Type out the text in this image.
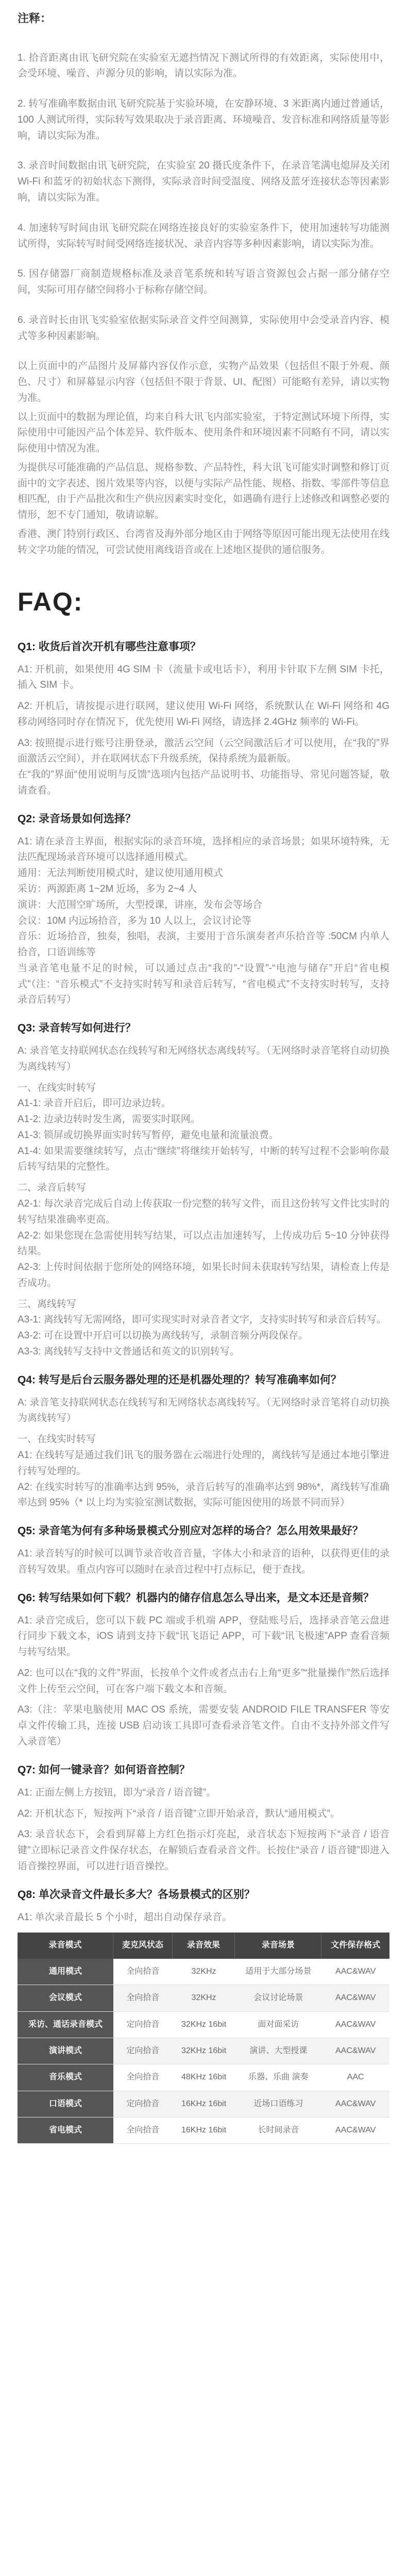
注释：

1. 拾音距离由讯飞研究院在实验室无遮挡情况下测试所得的有效距离，实际使用中，会受环境、噪音、声源分贝的影响，请以实际为准。

2. 转写准确率数据由讯飞研究院基于实验环境，在安静环境、3 米距离内通过普通话，100 人测试所得，实际转写效果取决于录音距离、环境噪音、发音标准和网络质量等影响，请以实际为准。

3. 录音时间数据由讯飞研究院，在实验室 20 摄氏度条件下，在录音笔满电熄屏及关闭 Wi-Fi 和蓝牙的初始状态下测得，实际录音时间受温度、网络及蓝牙连接状态等因素影响，请以实际为准。

4. 加速转写时间由讯飞研究院在网络连接良好的实验室条件下，使用加速转写功能测试所得，实际转写时间受网络连接状况、录音内容等多种因素影响，请以实际为准。

5. 因存储器厂商制造规格标准及录音笔系统和转写语言资源包会占据一部分储存空间，实际可用存储空间将小于标称存储空间。

6. 录音时长由讯飞实验室依据实际录音文件空间测算，实际使用中会受录音内容、模式等多种因素影响。

以上页面中的产品图片及屏幕内容仅作示意，实物产品效果（包括但不限于外观、颜色、尺寸）和屏幕显示内容（包括但不限于背景、UI、配图）可能略有差异，请以实物为准。

以上页面中的数据为理论值，均来自科大讯飞内部实验室，于特定测试环境下所得，实际使用中可能因产品个体差异、软件版本、使用条件和环境因素不同略有不同，请以实际使用中情况为准。

为提供尽可能准确的产品信息、规格参数、产品特性，科大讯飞可能实时调整和修订页面中的文字表述、图片效果等内容，以便与实际产品性能、规格、指数、零部件等信息相匹配，由于产品批次和生产供应因素实时变化，如遇确有进行上述修改和调整必要的情形，恕不专门通知，敬请谅解。

香港、澳门特别行政区、台湾省及海外部分地区由于网络等原因可能出现无法使用在线转文字功能的情况，可尝试使用离线语音或在上述地区提供的通信服务。

FAQ:
Q1: 收货后首次开机有哪些注意事项？

A1: 开机前，如果使用 4G SIM 卡（流量卡或电话卡），利用卡针取下左侧 SIM 卡托，插入 SIM 卡。

A2: 开机后，请按提示进行联网，建议使用 Wi-Fi 网络，系统默认在 Wi-Fi 网络和 4G 移动网络同时存在情况下，优先使用 Wi-Fi 网络，请选择 2.4GHz 频率的 Wi-Fi。

A3: 按照提示进行账号注册登录，激活云空间（云空间激活后才可以使用，在“我的”界面激活云空间），并在联网状态下升级系统，保持系统为最新版。

在“我的”界面“使用说明与反馈”选项内包括产品说明书、功能指导、常见问题答疑，敬请查看。

Q2: 录音场景如何选择？

A1: 请在录音主界面，根据实际的录音环境，选择相应的录音场景；如果环境特殊，无法匹配现场录音环境可以选择通用模式。
通用：无法判断使用模式时，建议使用通用模式
采访：两源距离 1~2M 近场，多为 2~4 人
演讲：大范围空旷场所，大型授课，讲座，发布会等场合
会议：10M 内远场拾音，多为 10 人以上，会议讨论等
音乐：近场拾音，独奏，独唱，表演，主要用于音乐演奏者声乐拾音等 :50CM 内单人拾音，口语训练等
当录音笔电量不足的时候，可以通过点击“我的”-“设置”-“电池与储存”开启“省电模式”（注：“音乐模式”不支持实时转写和录音后转写，“省电模式”不支持实时转写，支持录音后转写）

Q3: 录音转写如何进行？

A: 录音笔支持联网状态在线转写和无网络状态离线转写。（无网络时录音笔将自动切换为离线转写）

一、在线实时转写
A1-1: 录音开启后，即可边录边转。
A1-2: 边录边转时发生离，需要实时联网。
A1-3: 锁屏或切换界面实时转写暂停，避免电量和流量浪费。
A1-4: 如果需要继续转写，点击“继续”将继续开始转写，中断的转写过程不会影响你最后转写结果的完整性。

二、录音后转写
A2-1: 每次录音完成后自动上传获取一份完整的转写文件，而且这份转写文件比实时的转写结果准确率更高。
A2-2: 如果您现在急需使用转写结果，可以点击加速转写，上传成功后 5~10 分钟获得结果。
A2-3: 上传时间依据于您所处的网络环境，如果长时间未获取转写结果，请检查上传是否成功。

三、离线转写
A3-1: 离线转写无需网络，即可实现实时对录音者文字，支持实时转写和录音后转写。
A3-2: 可在设置中开启可以切换为离线转写，录制音频分两段保存。
A3-3: 离线转写支持中文普通话和英文的识别转写。

Q4: 转写是后台云服务器处理的还是机器处理的？转写准确率如何？

A: 录音笔支持联网状态在线转写和无网络状态离线转写。（无网络时录音笔将自动切换为离线转写）

一、在线实时转写
A1: 在线转写是通过我们讯飞的服务器在云端进行处理的，离线转写是通过本地引擎进行转写处理的。
A2: 在线实时转写的准确率达到 95%，录音后转写的准确率达到 98%*，离线转写准确率达到 95%（* 以上均为实验室测试数据，实际可能因使用的场景不同而异）

Q5: 录音笔为何有多种场景模式分别应对怎样的场合？怎么用效果最好？

A1: 录音转写的时候可以调节录音收音音量，字体大小和录音的语种，以获得更佳的录音转写效果。重点内容可以随时在录音过程中打点标记，便于查找。

Q6: 转写结果如何下载？机器内的储存信息怎么导出来，是文本还是音频？

A1: 录音完成后，您可以下载 PC 端或手机端 APP，登陆账号后，选择录音笔云盘进行同步下载文本，iOS 请到支持下载“讯飞语记 APP，可下载“讯飞极速”APP 查看音频与转写结果。

A2: 也可以在“我的文件”界面，长按单个文件或者点击右上角“更多”“批量操作”然后选择文件上传至云空间，可在客户端下载文本和音频。

A3:（注：苹果电脑使用 MAC OS 系统，需要安装 ANDROID FILE TRANSFER 等安卓文件传输工具，连接 USB 启动该工具即可查看录音笔文件。自由不支持外部文件写入录音笔）

Q7: 如何一键录音？如何语音控制？

A1: 正面左侧上方按钮，即为“录音 / 语音键”。

A2: 开机状态下，短按两下“录音 / 语音键”立即开始录音，默认“通用模式”。

A3: 录音状态下，会看到屏幕上方红色指示灯亮起，录音状态下短按两下“录音 / 语音键”立即标记录音文件保存状态，在解锁后查看录音文件。长按住“录音 / 语音键”即进入语音操控界面，可以进行语音操控。

Q8: 单次录音文件最长多大？各场景模式的区别？

A1: 单次录音最长 5 个小时，超出自动保存录音。

录音模式	麦克风状态	录音效果	录音场景	文件保存格式
通用模式	全向拾音	32KHz	适用于大部分场景	AAC&WAV
会议模式	全向拾音	32KHz	会议讨论场景	AAC&WAV
采访、通话录音模式	定向拾音	32KHz 16bit	面对面采访	AAC&WAV
演讲模式	定向拾音	32KHz 16bit	演讲、大型授课	AAC&WAV
音乐模式	全向拾音	48KHz 16bit	乐器、乐曲 演奏	AAC
口语模式	定向拾音	16KHz 16bit	近场口语练习	AAC&WAV
省电模式	全向拾音	16KHz 16bit	长时间录音	AAC&WAV
